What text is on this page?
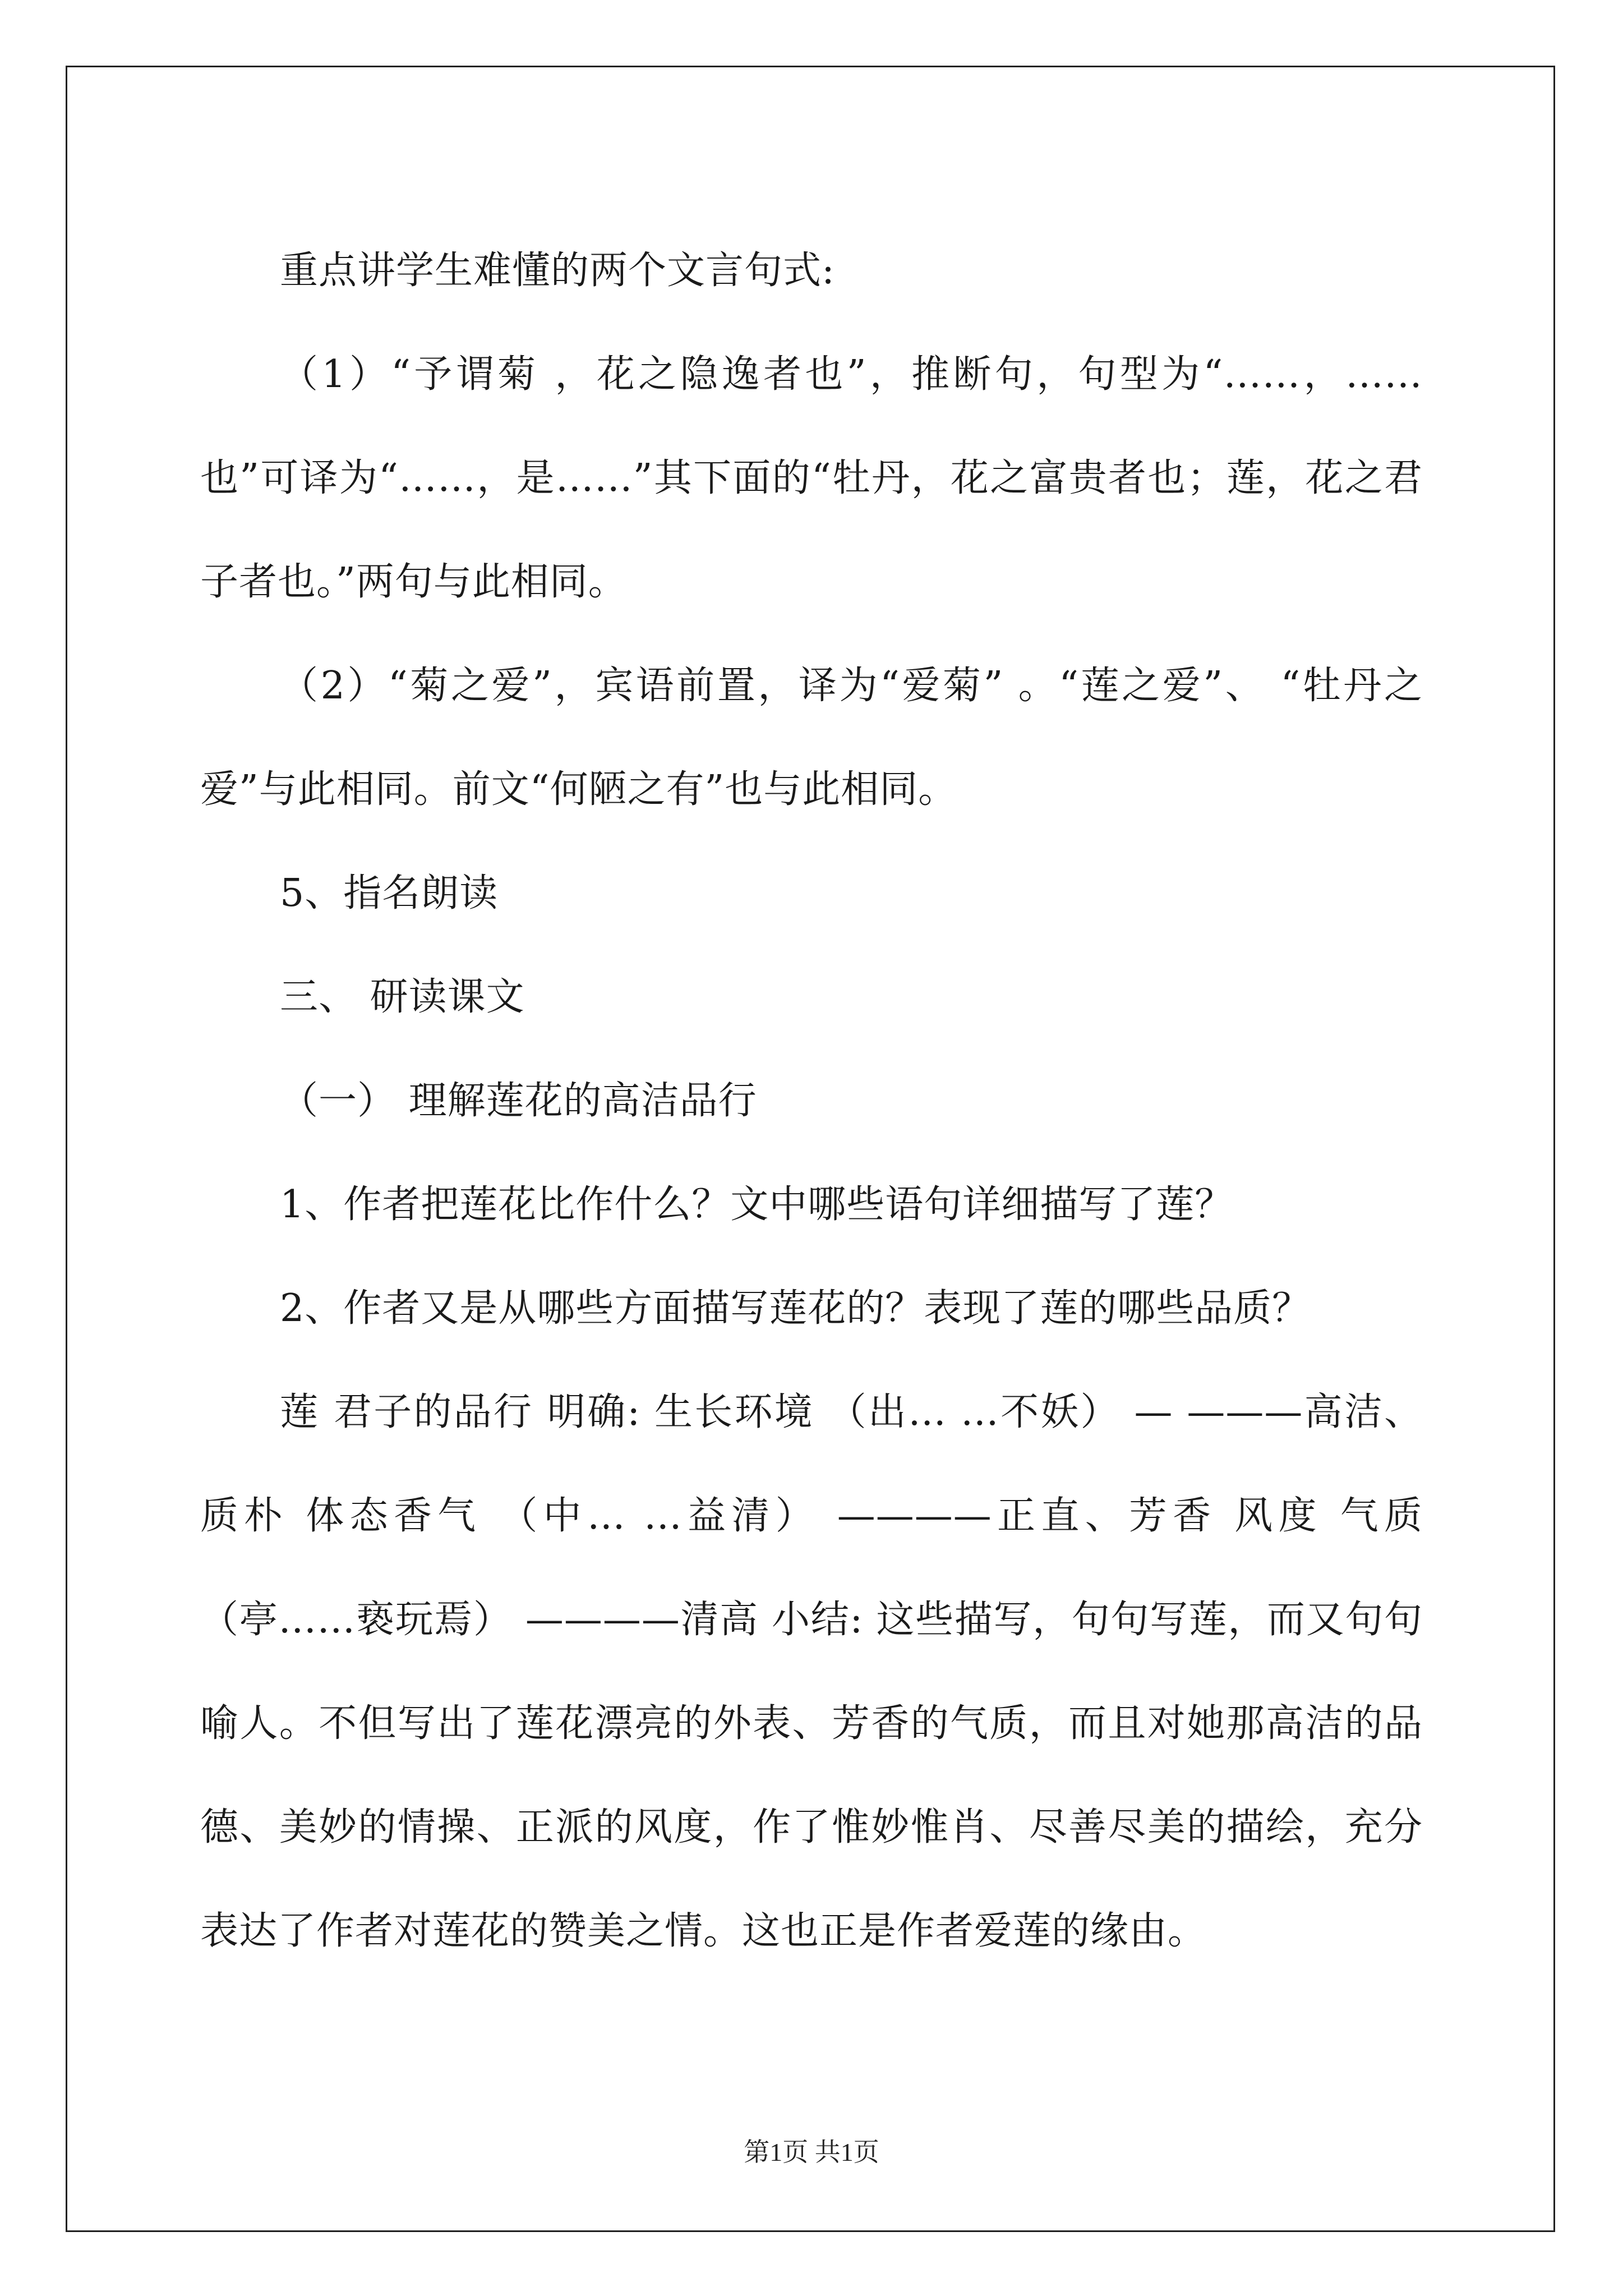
重点讲学生难懂的两个文言句式:

（1）“予谓菊 ，花之隐逸者也”，推断句，句型为“……，……也”可译为“……，是……”其下面的“牡丹，花之富贵者也；莲，花之君子者也。”两句与此相同。

（2）“菊之爱”，宾语前置，译为“爱菊” 。“莲之爱”、 “牡丹之爱”与此相同。前文“何陋之有”也与此相同。

5、指名朗读

三、 研读课文

（一） 理解莲花的高洁品行

1、作者把莲花比作什么？文中哪些语句详细描写了莲？

2、作者又是从哪些方面描写莲花的？表现了莲的哪些品质？

莲 君子的品行 明确: 生长环境 （出… …不妖） — ———高洁、质朴 体态香气 （中… …益清） ————正直、芳香 风度 气质 （亭……亵玩焉） ————清高 小结: 这些描写，句句写莲，而又句句喻人。不但写出了莲花漂亮的外表、芳香的气质，而且对她那高洁的品德、美妙的情操、正派的风度，作了惟妙惟肖、尽善尽美的描绘，充分表达了作者对莲花的赞美之情。这也正是作者爱莲的缘由。

第1页 共1页
